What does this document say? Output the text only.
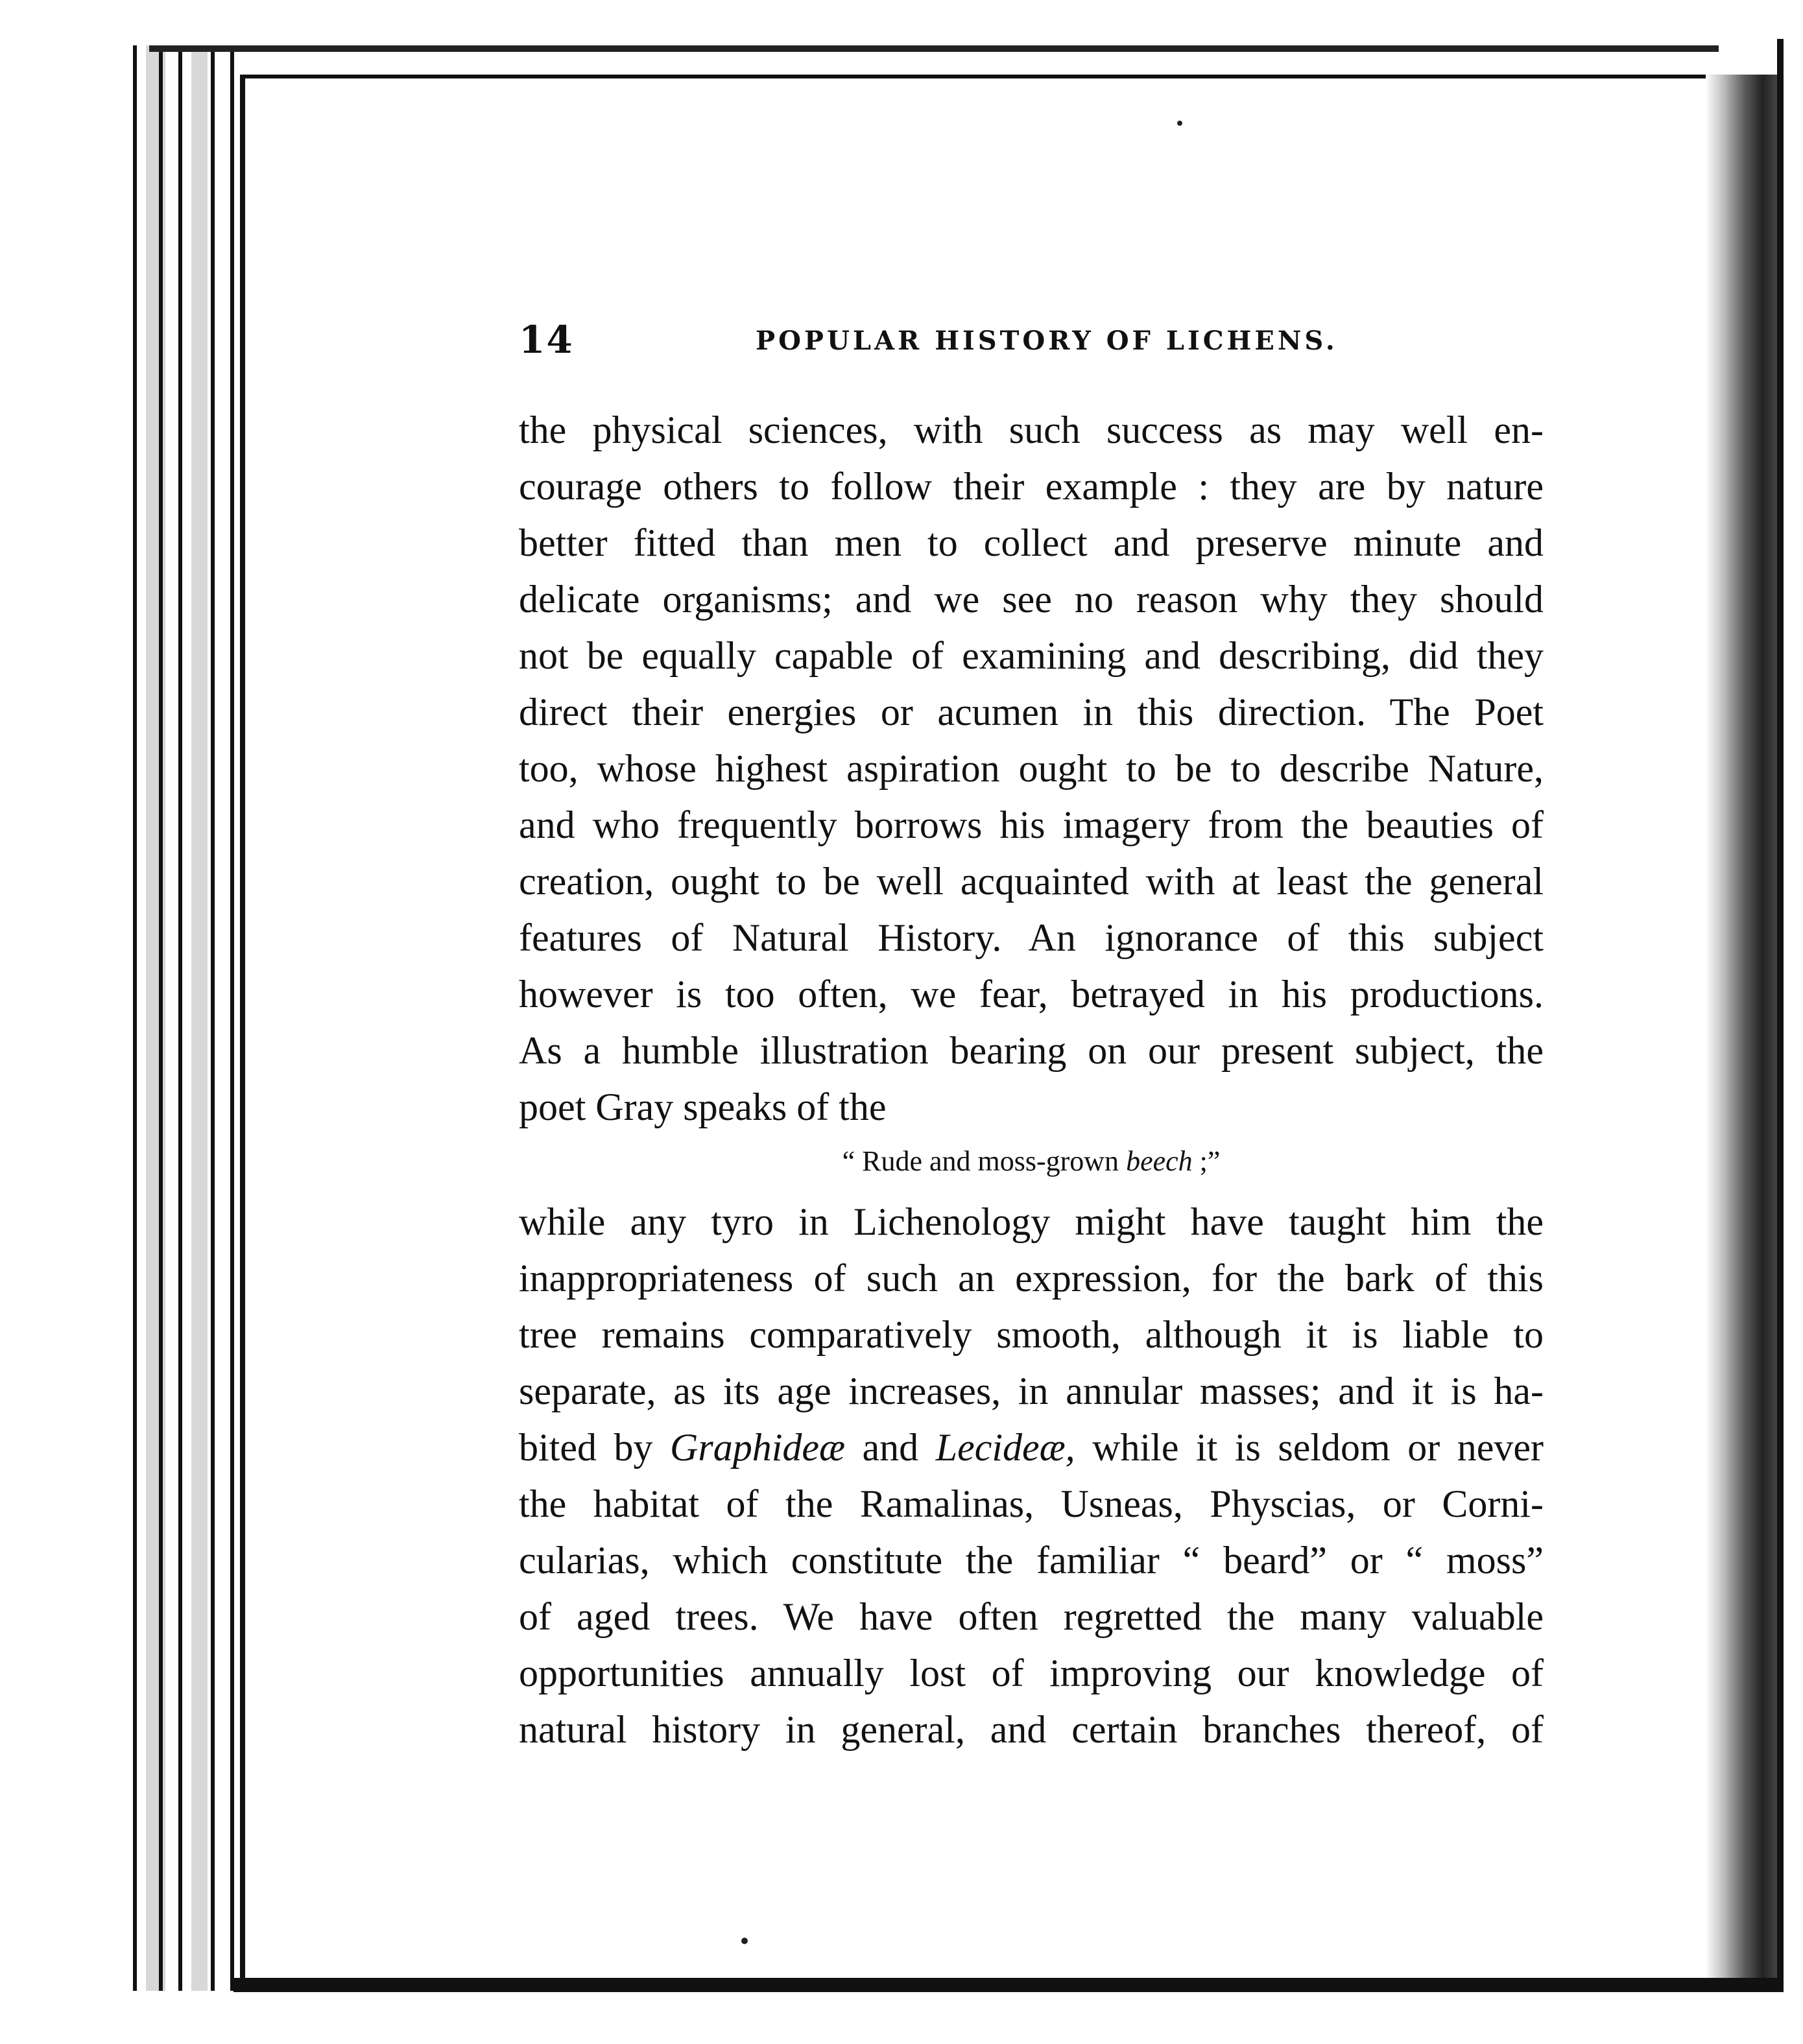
14	POPULAR HISTORY OF LICHENS.
the physical sciences, with such success as may well en-
courage others to follow their example : they are by nature
better fitted than men to collect and preserve minute and
delicate organisms; and we see no reason why they should
not be equally capable of examining and describing, did they
direct their energies or acumen in this direction. The Poet
too, whose highest aspiration ought to be to describe Nature,
and who frequently borrows his imagery from the beauties of
creation, ought to be well acquainted with at least the general
features of Natural History. An ignorance of this subject
however is too often, we fear, betrayed in his productions.
As a humble illustration bearing on our present subject, the
poet Gray speaks of the
“ Rude and moss-grown beech ;”
while any tyro in Lichenology might have taught him the
inappropriateness of such an expression, for the bark of this
tree remains comparatively smooth, although it is liable to
separate, as its age increases, in annular masses; and it is ha-
bited by Graphideæ and Lecideæ, while it is seldom or never
the habitat of the Ramalinas, Usneas, Physcias, or Corni-
cularias, which constitute the familiar “ beard” or “ moss”
of aged trees. We have often regretted the many valuable
opportunities annually lost of improving our knowledge of
natural history in general, and certain branches thereof, of
